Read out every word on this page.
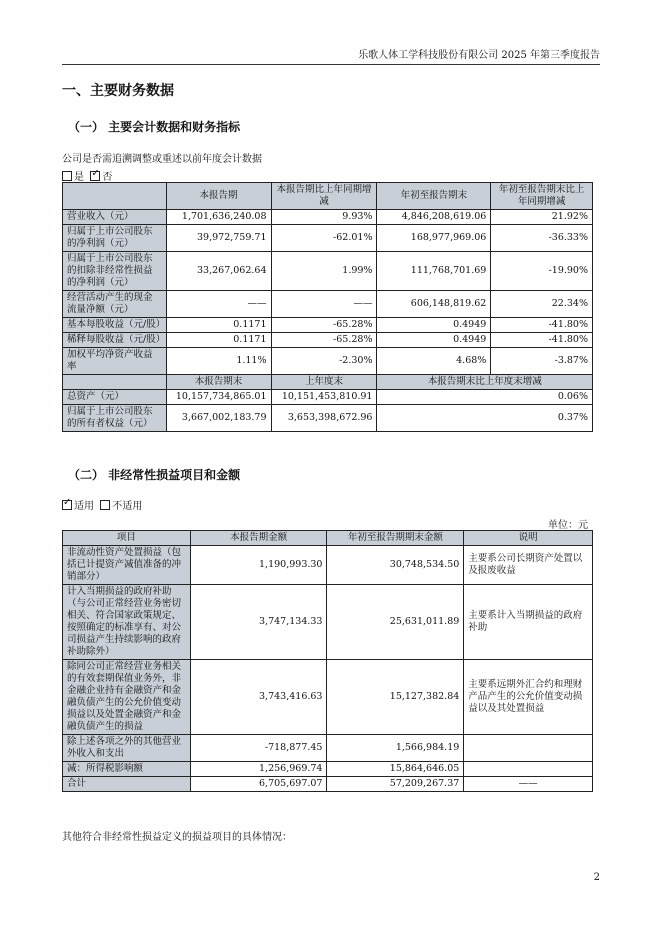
乐歌人体工学科技股份有限公司 2025 年第三季度报告
一、主要财务数据
（一） 主要会计数据和财务指标
公司是否需追溯调整或重述以前年度会计数据
是 ✓ 否
	本报告期	本报告期比上年同期增减	年初至报告期末	年初至报告期末比上年同期增减
营业收入（元）	1,701,636,240.08	9.93%	4,846,208,619.06	21.92%
归属于上市公司股东的净利润（元）	39,972,759.71	-62.01%	168,977,969.06	-36.33%
归属于上市公司股东的扣除非经常性损益的净利润（元）	33,267,062.64	1.99%	111,768,701.69	-19.90%
经营活动产生的现金流量净额（元）	——	——	606,148,819.62	22.34%
基本每股收益（元/股）	0.1171	-65.28%	0.4949	-41.80%
稀释每股收益（元/股）	0.1171	-65.28%	0.4949	-41.80%
加权平均净资产收益率	1.11%	-2.30%	4.68%	-3.87%
	本报告期末	上年度末	本报告期末比上年度末增减	
总资产（元）	10,157,734,865.01	10,151,453,810.91	0.06%	
归属于上市公司股东的所有者权益（元）	3,667,002,183.79	3,653,398,672.96	0.37%	
（二） 非经常性损益项目和金额
✓适用 不适用
单位：元
项目	本报告期金额	年初至报告期期末金额	说明
非流动性资产处置损益（包括已计提资产减值准备的冲销部分）	1,190,993.30	30,748,534.50	主要系公司长期资产处置以及报废收益
计入当期损益的政府补助（与公司正常经营业务密切相关、符合国家政策规定、按照确定的标准享有、对公司损益产生持续影响的政府补助除外）	3,747,134.33	25,631,011.89	主要系计入当期损益的政府补助
除同公司正常经营业务相关的有效套期保值业务外，非金融企业持有金融资产和金融负债产生的公允价值变动损益以及处置金融资产和金融负债产生的损益	3,743,416.63	15,127,382.84	主要系远期外汇合约和理财产品产生的公允价值变动损益以及其处置损益
除上述各项之外的其他营业外收入和支出	-718,877.45	1,566,984.19	
减：所得税影响额	1,256,969.74	15,864,646.05	
合计	6,705,697.07	57,209,267.37	——
其他符合非经常性损益定义的损益项目的具体情况：
2
